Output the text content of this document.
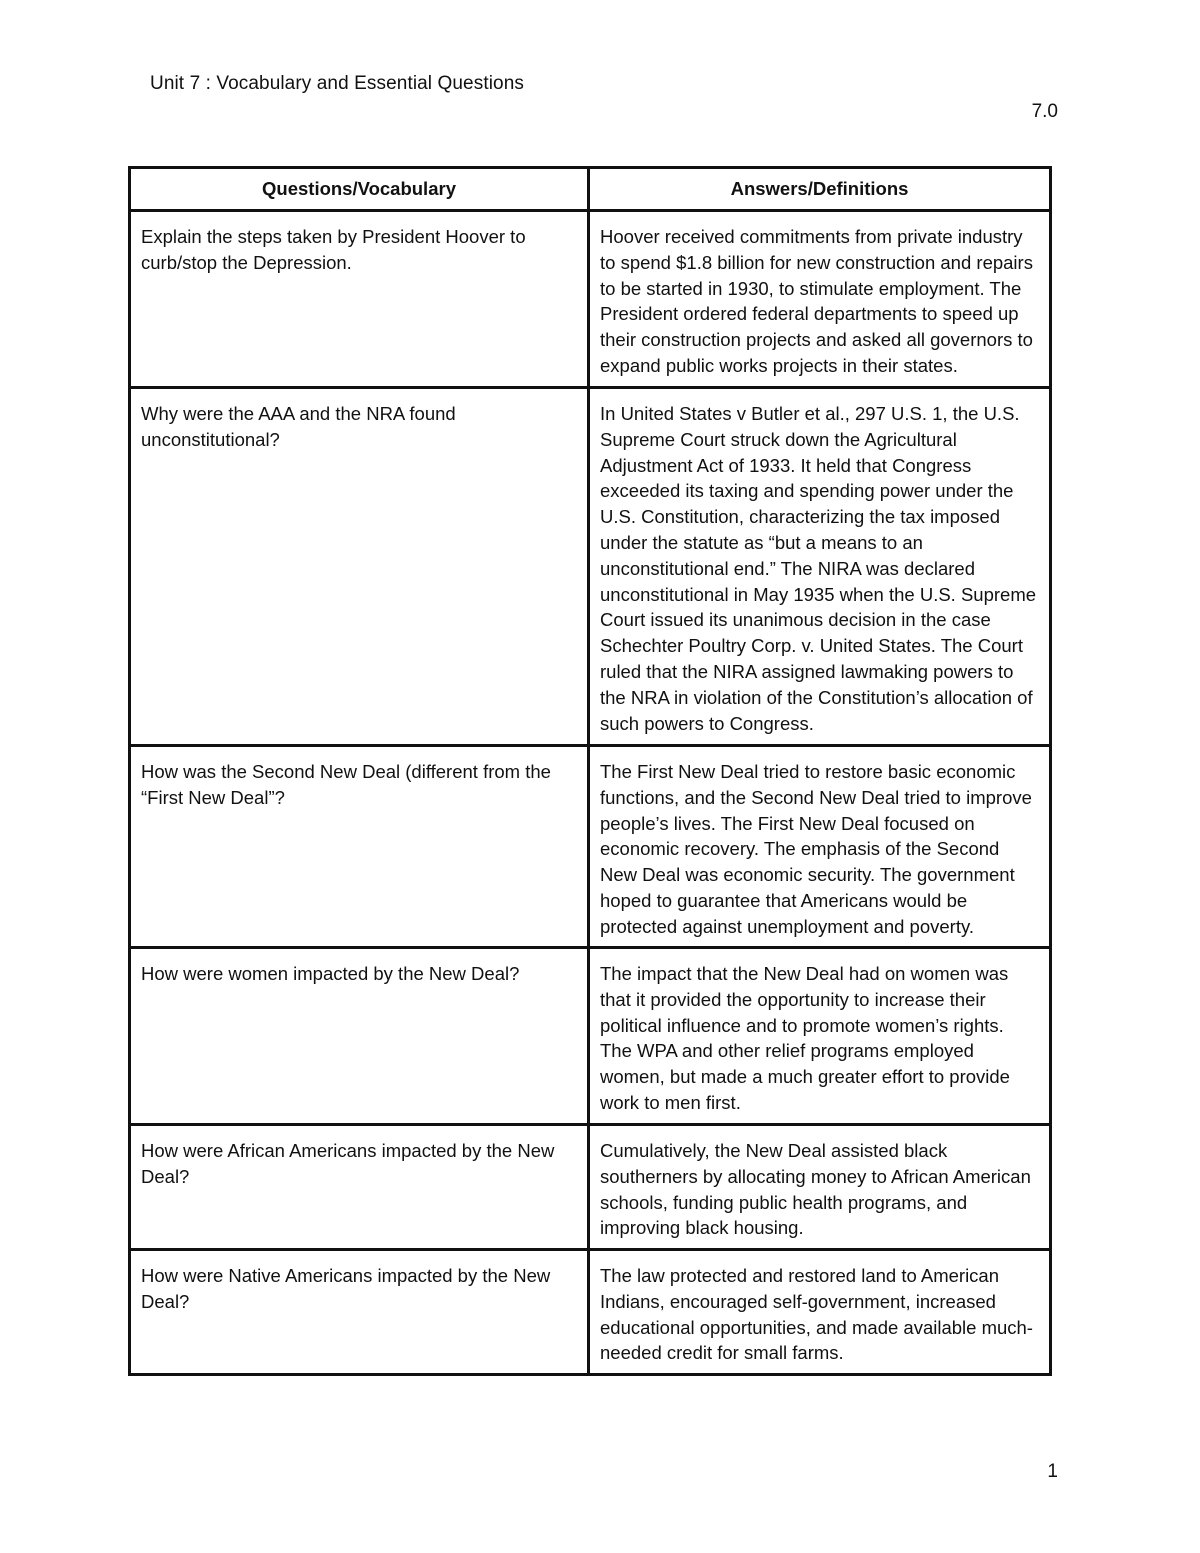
Unit 7 : Vocabulary and Essential Questions
7.0
Questions/Vocabulary	Answers/Definitions
Explain the steps taken by President Hoover to curb/stop the Depression.	Hoover received commitments from private industry to spend $1.8 billion for new construction and repairs to be started in 1930, to stimulate employment. The President ordered federal departments to speed up their construction projects and asked all governors to expand public works projects in their states.
Why were the AAA and the NRA found unconstitutional?	In United States v Butler et al., 297 U.S. 1, the U.S. Supreme Court struck down the Agricultural Adjustment Act of 1933. It held that Congress exceeded its taxing and spending power under the U.S. Constitution, characterizing the tax imposed under the statute as “but a means to an unconstitutional end.” The NIRA was declared unconstitutional in May 1935 when the U.S. Supreme Court issued its unanimous decision in the case Schechter Poultry Corp. v. United States. The Court ruled that the NIRA assigned lawmaking powers to the NRA in violation of the Constitution’s allocation of such powers to Congress.
How was the Second New Deal (different from the “First New Deal”?	The First New Deal tried to restore basic economic functions, and the Second New Deal tried to improve people’s lives. The First New Deal focused on economic recovery. The emphasis of the Second New Deal was economic security. The government hoped to guarantee that Americans would be protected against unemployment and poverty.
How were women impacted by the New Deal?	The impact that the New Deal had on women was that it provided the opportunity to increase their political influence and to promote women’s rights. The WPA and other relief programs employed women, but made a much greater effort to provide work to men first.
How were African Americans impacted by the New Deal?	Cumulatively, the New Deal assisted black southerners by allocating money to African American schools, funding public health programs, and improving black housing.
How were Native Americans impacted by the New Deal?	The law protected and restored land to American Indians, encouraged self-government, increased educational opportunities, and made available much-needed credit for small farms.
1
